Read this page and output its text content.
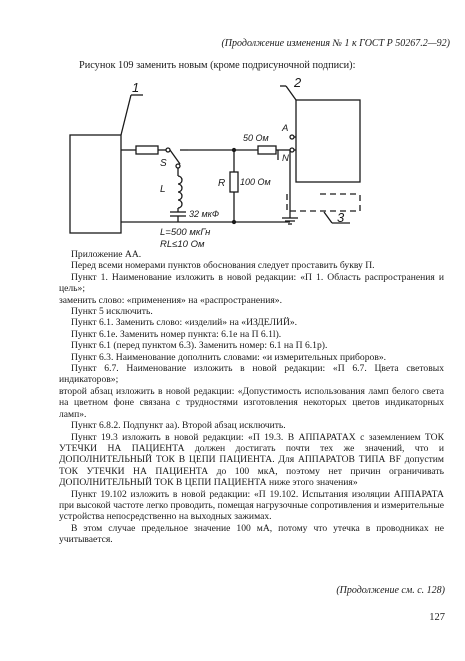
(Продолжение изменения № 1 к ГОСТ Р 50267.2—92)
Рисунок 109 заменить новым (кроме подрисуночной подписи):
1	2
3
S
L
R
A
N
50 Ом
100 Ом
32 мкФ
L=500 мкГн
RL≤10 Ом

Приложение АА.

Перед всеми номерами пунктов обоснования следует проставить букву П.

Пункт 1. Наименование изложить в новой редакции: «П 1. Область распространения и цель»;

заменить слово: «применения» на «распространения».

Пункт 5 исключить.

Пункт 6.1. Заменить слово: «изделий» на «ИЗДЕЛИЙ».

Пункт 6.1е. Заменить номер пункта: 6.1е на П 6.1l).

Пункт 6.1 (перед пунктом 6.3). Заменить номер: 6.1 на П 6.1р).

Пункт 6.3. Наименование дополнить словами: «и измерительных приборов».

Пункт 6.7. Наименование изложить в новой редакции: «П 6.7. Цвета световых индикаторов»;

второй абзац изложить в новой редакции: «Допустимость использования ламп белого света на цветном фоне связана с трудностями изготовления некоторых цветов индикаторных ламп».

Пункт 6.8.2. Подпункт аа). Второй абзац исключить.

Пункт 19.3 изложить в новой редакции: «П 19.3. В АППАРАТАХ с заземлением ТОК УТЕЧКИ НА ПАЦИЕНТА должен достигать почти тех же значений, что и ДОПОЛНИТЕЛЬНЫЙ ТОК В ЦЕПИ ПАЦИЕНТА. Для АППАРАТОВ ТИПА BF допустим ТОК УТЕЧКИ НА ПАЦИЕНТА до 100 мкА, поэтому нет причин ограничивать ДОПОЛНИТЕЛЬНЫЙ ТОК В ЦЕПИ ПАЦИЕНТА ниже этого значения»

Пункт 19.102 изложить в новой редакции: «П 19.102. Испытания изоляции АППАРАТА при высокой частоте легко проводить, помещая нагрузочные сопротивления и измерительные устройства непосредственно на выходных зажимах.

В этом случае предельное значение 100 мА, потому что утечка в проводниках не учитывается.

(Продолжение см. с. 128)
127
